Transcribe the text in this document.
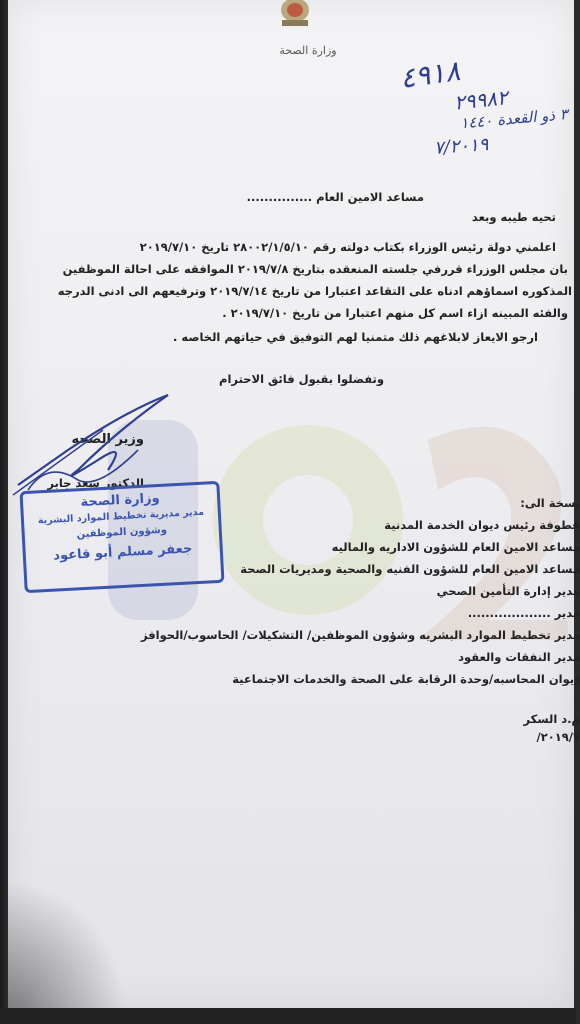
وزارة الصحة
٤٩١٨
٢٩٩٨٢
٣ ذو القعدة ١٤٤٠
٧/٢٠١٩
مساعد الامين العام ...............
تحيه طيبه وبعد
اعلمني دولة رئيس الوزراء بكتاب دولته رقم ٢٨٠٠٢/١/٥/١٠ تاريخ ٢٠١٩/٧/١٠
بان مجلس الوزراء قررفي جلسته المنعقده بتاريخ ٢٠١٩/٧/٨ الموافقه على احالة الموظفين
المذكوره اسماؤهم ادناه على التقاعد اعتبارا من تاريخ ٢٠١٩/٧/١٤ وترفيعهم الى ادنى الدرجه
والفئه المبينه ازاء اسم كل منهم اعتبارا من تاريخ ٢٠١٩/٧/١٠ .
ارجو الايعاز لابلاغهم ذلك متمنيا لهم التوفيق في حياتهم الخاصه .
وتفضلوا بقبول فائق الاحترام
وزير الصحه
الدكتور سعد جابر
وزارة الصحة
مدير مديرية تخطيط الموارد البشرية
وشؤون الموظفين
جعفر مسلم أبو قاعود
نسخة الى:
عطوفة رئيس ديوان الخدمة المدنية
مساعد الامين العام للشؤون الاداريه والماليه
مساعد الامين العام للشؤون الفنيه والصحية ومديريات الصحة
مدير إدارة التأمين الصحي
مدير ...................
مدير تخطيط الموارد البشريه وشؤون الموظفين/ التشكيلات/ الحاسوب/الحوافز
مدير النفقات والعقود
ديوان المحاسبه/وحدة الرقابة على الصحة والخدمات الاجتماعية
م.د السكر
٢٠١٩/٧/
